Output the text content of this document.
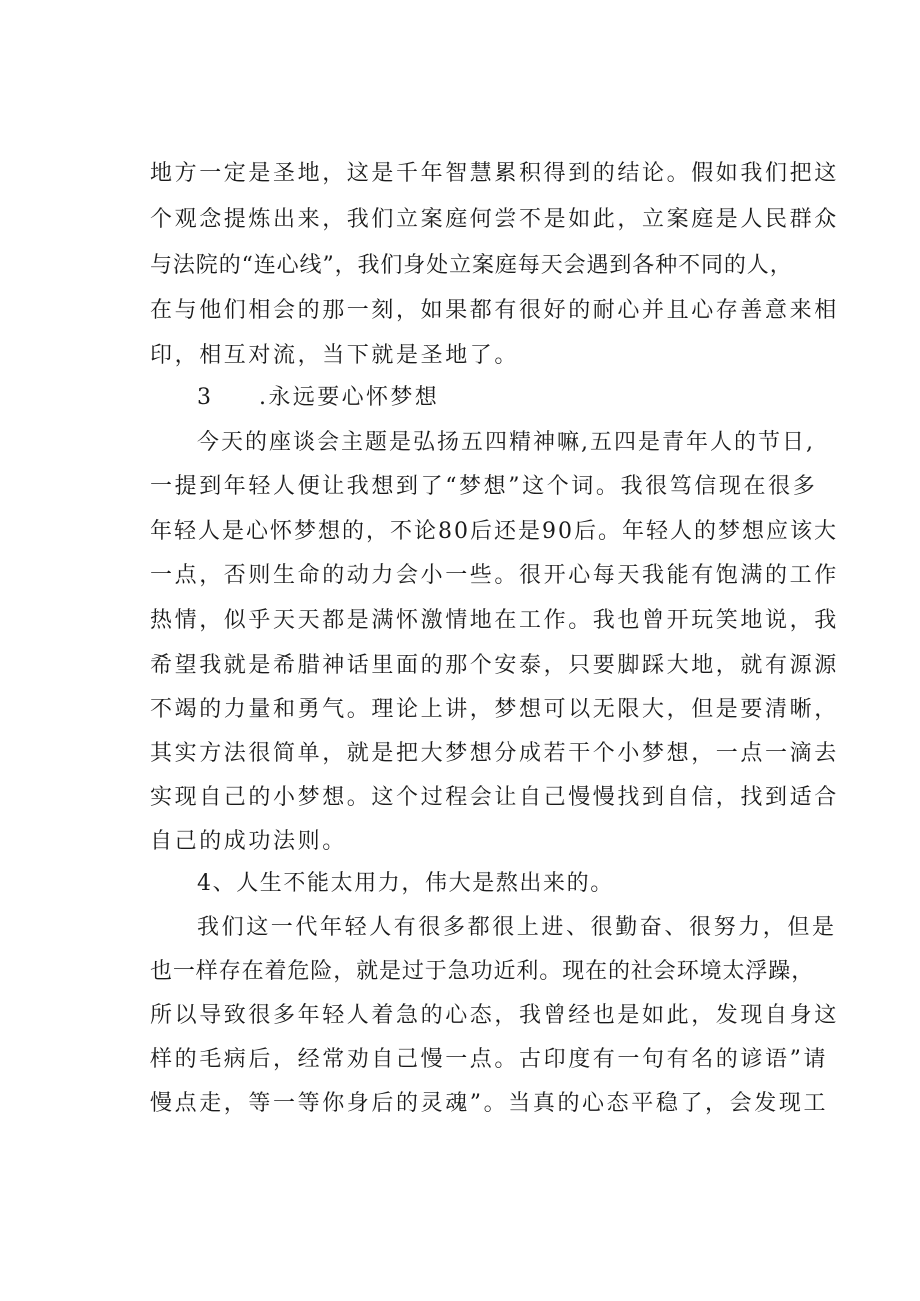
地方一定是圣地，这是千年智慧累积得到的结论。假如我们把这
个观念提炼出来，我们立案庭何尝不是如此，立案庭是人民群众
与法院的“连心线”，我们身处立案庭每天会遇到各种不同的人，
在与他们相会的那一刻，如果都有很好的耐心并且心存善意来相
印，相互对流，当下就是圣地了。
3 .永远要心怀梦想
今天的座谈会主题是弘扬五四精神嘛,五四是青年人的节日,
一提到年轻人便让我想到了“梦想”这个词。我很笃信现在很多
年轻人是心怀梦想的，不论80后还是90后。年轻人的梦想应该大
一点，否则生命的动力会小一些。很开心每天我能有饱满的工作
热情，似乎天天都是满怀激情地在工作。我也曾开玩笑地说，我
希望我就是希腊神话里面的那个安泰，只要脚踩大地，就有源源
不竭的力量和勇气。理论上讲，梦想可以无限大，但是要清晰，
其实方法很简单，就是把大梦想分成若干个小梦想，一点一滴去
实现自己的小梦想。这个过程会让自己慢慢找到自信，找到适合
自己的成功法则。
4、人生不能太用力，伟大是熬出来的。
我们这一代年轻人有很多都很上进、很勤奋、很努力，但是
也一样存在着危险，就是过于急功近利。现在的社会环境太浮躁，
所以导致很多年轻人着急的心态，我曾经也是如此，发现自身这
样的毛病后，经常劝自己慢一点。古印度有一句有名的谚语”请
慢点走，等一等你身后的灵魂”。当真的心态平稳了，会发现工
